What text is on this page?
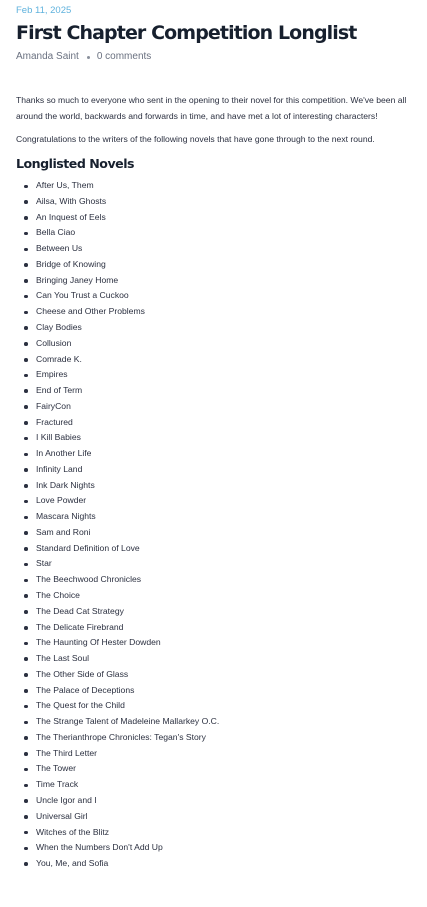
Feb 11, 2025
First Chapter Competition Longlist
Amanda Saint 0 comments

Thanks so much to everyone who sent in the opening to their novel for this competition. We've been all around the world, backwards and forwards in time, and have met a lot of interesting characters!

Congratulations to the writers of the following novels that have gone through to the next round.

Longlisted Novels
After Us, Them
Ailsa, With Ghosts
An Inquest of Eels
Bella Ciao
Between Us
Bridge of Knowing
Bringing Janey Home
Can You Trust a Cuckoo
Cheese and Other Problems
Clay Bodies
Collusion
Comrade K.
Empires
End of Term
FairyCon
Fractured
I Kill Babies
In Another Life
Infinity Land
Ink Dark Nights
Love Powder
Mascara Nights
Sam and Roni
Standard Definition of Love
Star
The Beechwood Chronicles
The Choice
The Dead Cat Strategy
The Delicate Firebrand
The Haunting Of Hester Dowden
The Last Soul
The Other Side of Glass
The Palace of Deceptions
The Quest for the Child
The Strange Talent of Madeleine Mallarkey O.C.
The Therianthrope Chronicles: Tegan's Story
The Third Letter
The Tower
Time Track
Uncle Igor and I
Universal Girl
Witches of the Blitz
When the Numbers Don't Add Up
You, Me, and Sofia
